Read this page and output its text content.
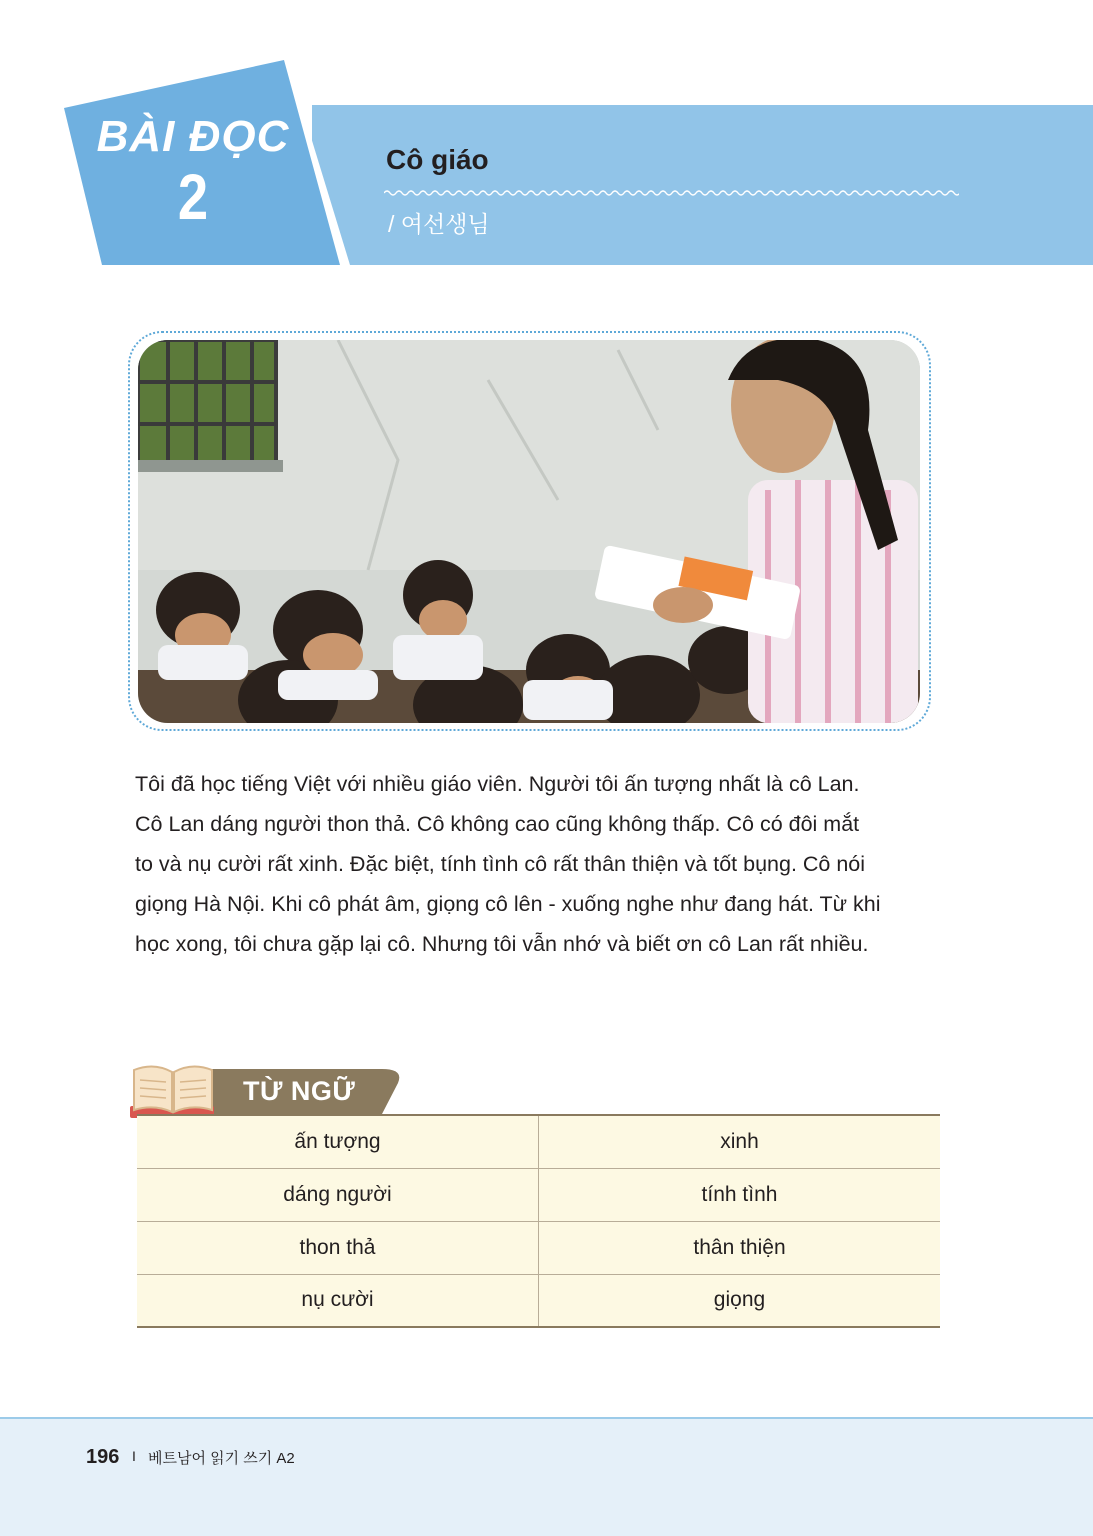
BÀI ĐỌC
2
Cô giáo
/ 여선생님

Tôi đã học tiếng Việt với nhiều giáo viên. Người tôi ấn tượng nhất là cô Lan.

Cô Lan dáng người thon thả. Cô không cao cũng không thấp. Cô có đôi mắt

to và nụ cười rất xinh. Đặc biệt, tính tình cô rất thân thiện và tốt bụng. Cô nói

giọng Hà Nội. Khi cô phát âm, giọng cô lên - xuống nghe như đang hát. Từ khi

học xong, tôi chưa gặp lại cô. Nhưng tôi vẫn nhớ và biết ơn cô Lan rất nhiều.

TỪ NGỮ
ấn tượng	xinh
dáng người	tính tình
thon thả	thân thiện
nụ cười	giọng
196 I 베트남어 읽기 쓰기 A2
